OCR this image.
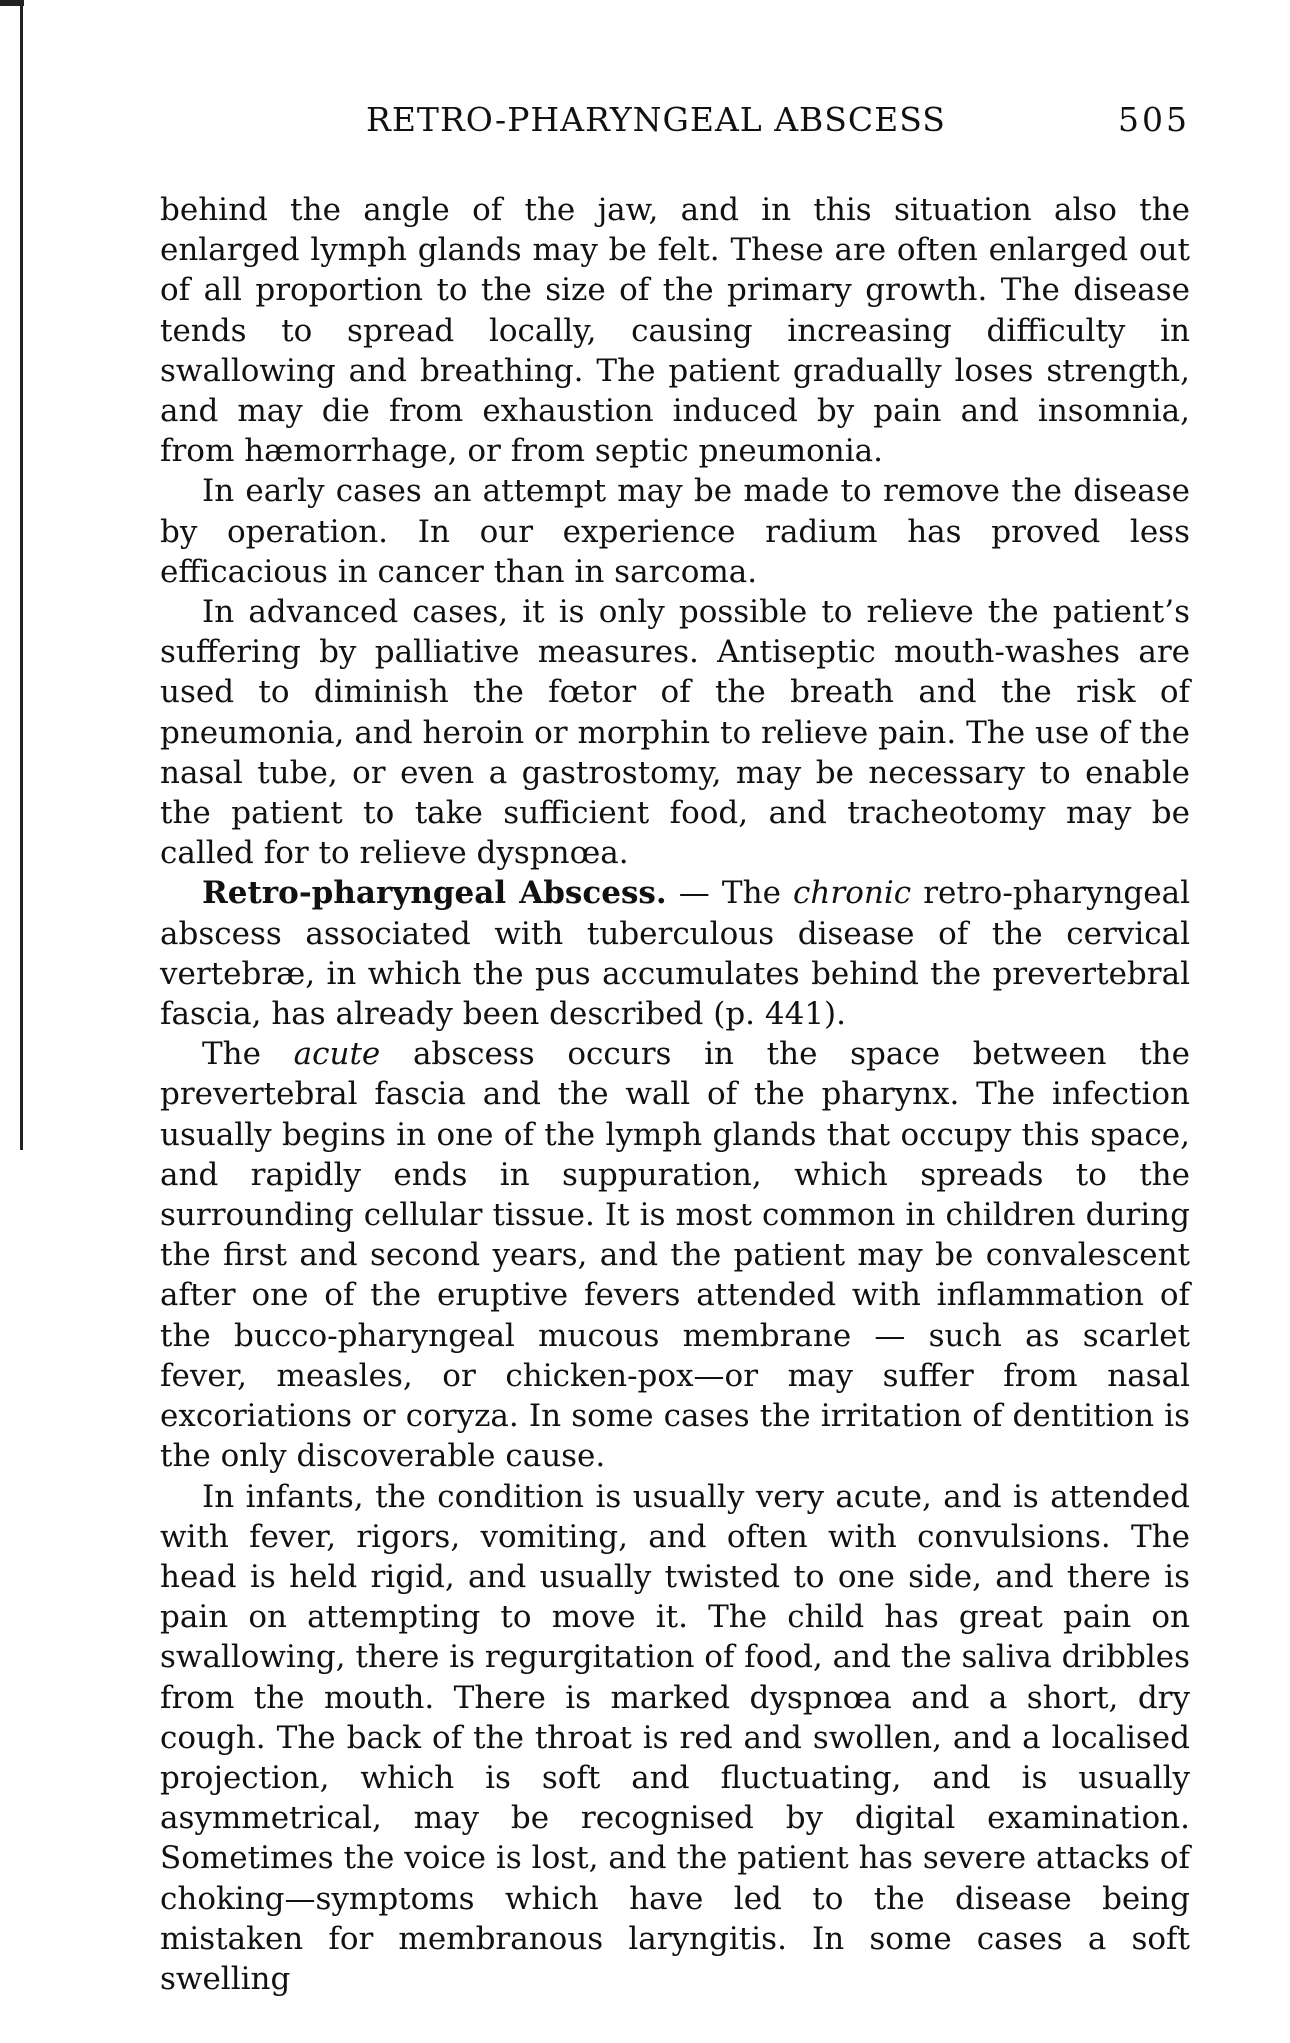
RETRO-PHARYNGEAL ABSCESS	505

behind the angle of the jaw, and in this situation also the enlarged lymph glands may be felt. These are often enlarged out of all proportion to the size of the primary growth. The disease tends to spread locally, causing increasing difficulty in swallowing and breathing. The patient gradually loses strength, and may die from exhaustion induced by pain and insomnia, from hæmorrhage, or from septic pneumonia.

In early cases an attempt may be made to remove the disease by operation. In our experience radium has proved less efficacious in cancer than in sarcoma.

In advanced cases, it is only possible to relieve the patient’s suffering by palliative measures. Antiseptic mouth-washes are used to diminish the fœtor of the breath and the risk of pneumonia, and heroin or morphin to relieve pain. The use of the nasal tube, or even a gastrostomy, may be necessary to enable the patient to take sufficient food, and tracheotomy may be called for to relieve dyspnœa.

Retro-pharyngeal Abscess. — The chronic retro-pharyngeal abscess associated with tuberculous disease of the cervical vertebræ, in which the pus accumulates behind the prevertebral fascia, has already been described (p. 441).

The acute abscess occurs in the space between the prevertebral fascia and the wall of the pharynx. The infection usually begins in one of the lymph glands that occupy this space, and rapidly ends in suppuration, which spreads to the surrounding cellular tissue. It is most common in children during the first and second years, and the patient may be convalescent after one of the eruptive fevers attended with inflammation of the bucco-pharyngeal mucous membrane — such as scarlet fever, measles, or chicken-pox—or may suffer from nasal excoriations or coryza. In some cases the irritation of dentition is the only discoverable cause.

In infants, the condition is usually very acute, and is attended with fever, rigors, vomiting, and often with convulsions. The head is held rigid, and usually twisted to one side, and there is pain on attempting to move it. The child has great pain on swallowing, there is regurgitation of food, and the saliva dribbles from the mouth. There is marked dyspnœa and a short, dry cough. The back of the throat is red and swollen, and a localised projection, which is soft and fluctuating, and is usually asymmetrical, may be recognised by digital examination. Sometimes the voice is lost, and the patient has severe attacks of choking—symptoms which have led to the disease being mistaken for membranous laryngitis. In some cases a soft swelling
